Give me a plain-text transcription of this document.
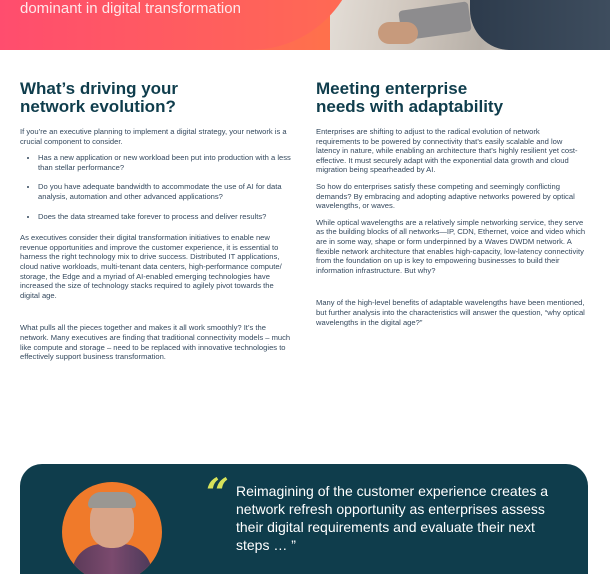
dominant in digital transformation
What’s driving your
network evolution?

If you’re an executive planning to implement a digital strategy, your network is a crucial component to consider.

• Has a new application or new workload been put into production with a less than stellar performance?
• Do you have adequate bandwidth to accommodate the use of AI for data analysis, automation and other advanced applications?
• Does the data streamed take forever to process and deliver results?

As executives consider their digital transformation initiatives to enable new revenue opportunities and improve the customer experience, it is essential to harness the right technology mix to drive success. Distributed IT applications, cloud native workloads, multi-tenant data centers, high-performance compute/ storage, the Edge and a myriad of AI-enabled emerging technologies have increased the size of technology stacks required to agilely pivot towards the digital age.

What pulls all the pieces together and makes it all work smoothly? It’s the network. Many executives are finding that traditional connectivity models – much like compute and storage – need to be replaced with innovative technologies to effectively support business transformation.

Meeting enterprise
needs with adaptability

Enterprises are shifting to adjust to the radical evolution of network requirements to be powered by connectivity that’s easily scalable and low latency in nature, while enabling an architecture that’s highly resilient yet cost-effective. It must securely adapt with the exponential data growth and cloud migration being spearheaded by AI.

So how do enterprises satisfy these competing and seemingly conflicting demands? By embracing and adopting adaptive networks powered by optical wavelengths, or waves.

While optical wavelengths are a relatively simple networking service, they serve as the building blocks of all networks—IP, CDN, Ethernet, voice and video which are in some way, shape or form underpinned by a Waves DWDM network. A flexible network architecture that enables high-capacity, low-latency connectivity from the foundation on up is key to empowering businesses to build their information infrastructure. But why?

Many of the high-level benefits of adaptable wavelengths have been mentioned, but further analysis into the characteristics will answer the question, “why optical wavelengths in the digital age?”

“ Reimagining of the customer experience creates a network refresh opportunity as enterprises assess their digital requirements and evaluate their next steps … ”
